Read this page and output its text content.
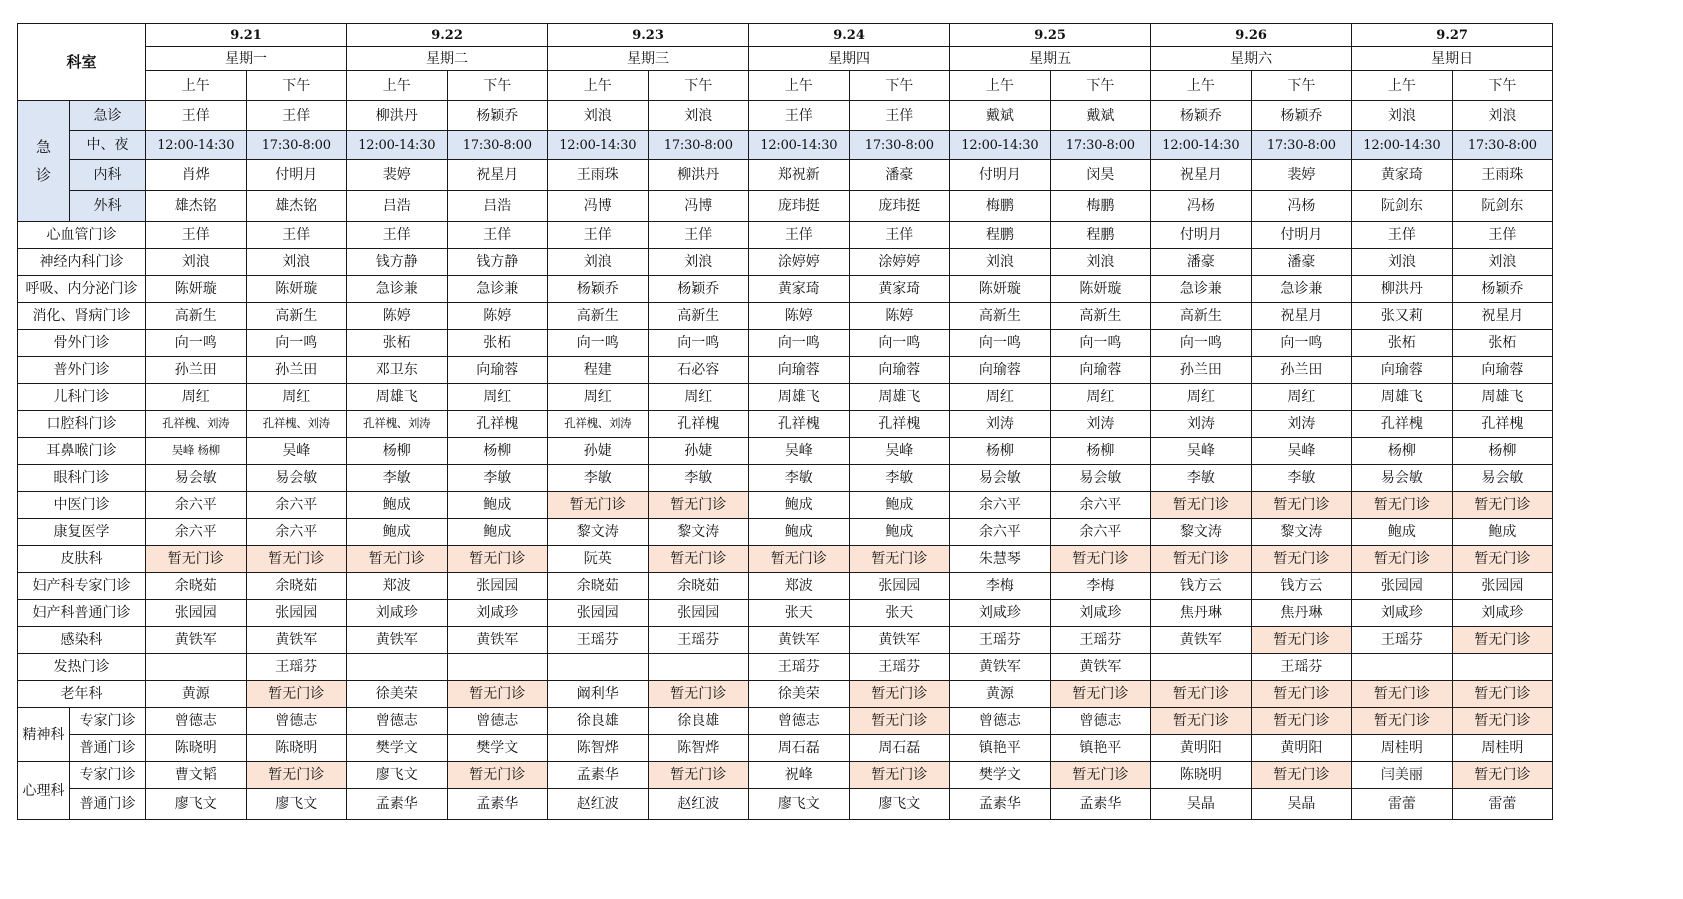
科室		9.21		9.22		9.23		9.24		9.25		9.26		9.27	
		星期一		星期二		星期三		星期四		星期五		星期六		星期日	
		上午	下午	上午	下午	上午	下午	上午	下午	上午	下午	上午	下午	上午	下午

急
诊	急诊	王佯	王佯	柳洪丹	杨颖乔	刘浪	刘浪	王佯	王佯	戴斌	戴斌	杨颖乔	杨颖乔	刘浪	刘浪
	中、夜	12:00-14:30	17:30-8:00	12:00-14:30	17:30-8:00	12:00-14:30	17:30-8:00	12:00-14:30	17:30-8:00	12:00-14:30	17:30-8:00	12:00-14:30	17:30-8:00	12:00-14:30	17:30-8:00
	内科	肖烨	付明月	裴婷	祝星月	王雨珠	柳洪丹	郑祝新	潘豪	付明月	闵昊	祝星月	裴婷	黄家琦	王雨珠
	外科	雄杰铭	雄杰铭	吕浩	吕浩	冯博	冯博	庞玮挺	庞玮挺	梅鹏	梅鹏	冯杨	冯杨	阮剑东	阮剑东
心血管门诊		王佯	王佯	王佯	王佯	王佯	王佯	王佯	王佯	程鹏	程鹏	付明月	付明月	王佯	王佯
神经内科门诊		刘浪	刘浪	钱方静	钱方静	刘浪	刘浪	涂婷婷	涂婷婷	刘浪	刘浪	潘豪	潘豪	刘浪	刘浪
呼吸、内分泌门诊		陈妍璇	陈妍璇	急诊兼	急诊兼	杨颖乔	杨颖乔	黄家琦	黄家琦	陈妍璇	陈妍璇	急诊兼	急诊兼	柳洪丹	杨颖乔
消化、肾病门诊		高新生	高新生	陈婷	陈婷	高新生	高新生	陈婷	陈婷	高新生	高新生	高新生	祝星月	张又莉	祝星月
骨外门诊		向一鸣	向一鸣	张柘	张柘	向一鸣	向一鸣	向一鸣	向一鸣	向一鸣	向一鸣	向一鸣	向一鸣	张柘	张柘
普外门诊		孙兰田	孙兰田	邓卫东	向瑜蓉	程建	石必容	向瑜蓉	向瑜蓉	向瑜蓉	向瑜蓉	孙兰田	孙兰田	向瑜蓉	向瑜蓉
儿科门诊		周红	周红	周雄飞	周红	周红	周红	周雄飞	周雄飞	周红	周红	周红	周红	周雄飞	周雄飞
口腔科门诊		孔祥槐、刘涛	孔祥槐、刘涛	孔祥槐、刘涛	孔祥槐	孔祥槐、刘涛	孔祥槐	孔祥槐	孔祥槐	刘涛	刘涛	刘涛	刘涛	孔祥槐	孔祥槐
耳鼻喉门诊		吴峰 杨柳	吴峰	杨柳	杨柳	孙婕	孙婕	吴峰	吴峰	杨柳	杨柳	吴峰	吴峰	杨柳	杨柳
眼科门诊		易会敏	易会敏	李敏	李敏	李敏	李敏	李敏	李敏	易会敏	易会敏	李敏	李敏	易会敏	易会敏
中医门诊		余六平	余六平	鲍成	鲍成	暂无门诊	暂无门诊	鲍成	鲍成	余六平	余六平	暂无门诊	暂无门诊	暂无门诊	暂无门诊
康复医学		余六平	余六平	鲍成	鲍成	黎文涛	黎文涛	鲍成	鲍成	余六平	余六平	黎文涛	黎文涛	鲍成	鲍成
皮肤科		暂无门诊	暂无门诊	暂无门诊	暂无门诊	阮英	暂无门诊	暂无门诊	暂无门诊	朱慧琴	暂无门诊	暂无门诊	暂无门诊	暂无门诊	暂无门诊
妇产科专家门诊		余晓茹	余晓茹	郑波	张园园	余晓茹	余晓茹	郑波	张园园	李梅	李梅	钱方云	钱方云	张园园	张园园
妇产科普通门诊		张园园	张园园	刘咸珍	刘咸珍	张园园	张园园	张天	张天	刘咸珍	刘咸珍	焦丹琳	焦丹琳	刘咸珍	刘咸珍
感染科		黄铁军	黄铁军	黄铁军	黄铁军	王瑶芬	王瑶芬	黄铁军	黄铁军	王瑶芬	王瑶芬	黄铁军	暂无门诊	王瑶芬	暂无门诊
发热门诊			王瑶芬					王瑶芬	王瑶芬	黄铁军	黄铁军		王瑶芬		
老年科		黄源	暂无门诊	徐美荣	暂无门诊	阚利华	暂无门诊	徐美荣	暂无门诊	黄源	暂无门诊	暂无门诊	暂无门诊	暂无门诊	暂无门诊
精神科	专家门诊	曾德志	曾德志	曾德志	曾德志	徐良雄	徐良雄	曾德志	暂无门诊	曾德志	曾德志	暂无门诊	暂无门诊	暂无门诊	暂无门诊
	普通门诊	陈晓明	陈晓明	樊学文	樊学文	陈智烨	陈智烨	周石磊	周石磊	镇艳平	镇艳平	黄明阳	黄明阳	周桂明	周桂明
心理科	专家门诊	曹文韬	暂无门诊	廖飞文	暂无门诊	孟素华	暂无门诊	祝峰	暂无门诊	樊学文	暂无门诊	陈晓明	暂无门诊	闫美丽	暂无门诊
	普通门诊	廖飞文	廖飞文	孟素华	孟素华	赵红波	赵红波	廖飞文	廖飞文	孟素华	孟素华	吴晶	吴晶	雷蕾	雷蕾
